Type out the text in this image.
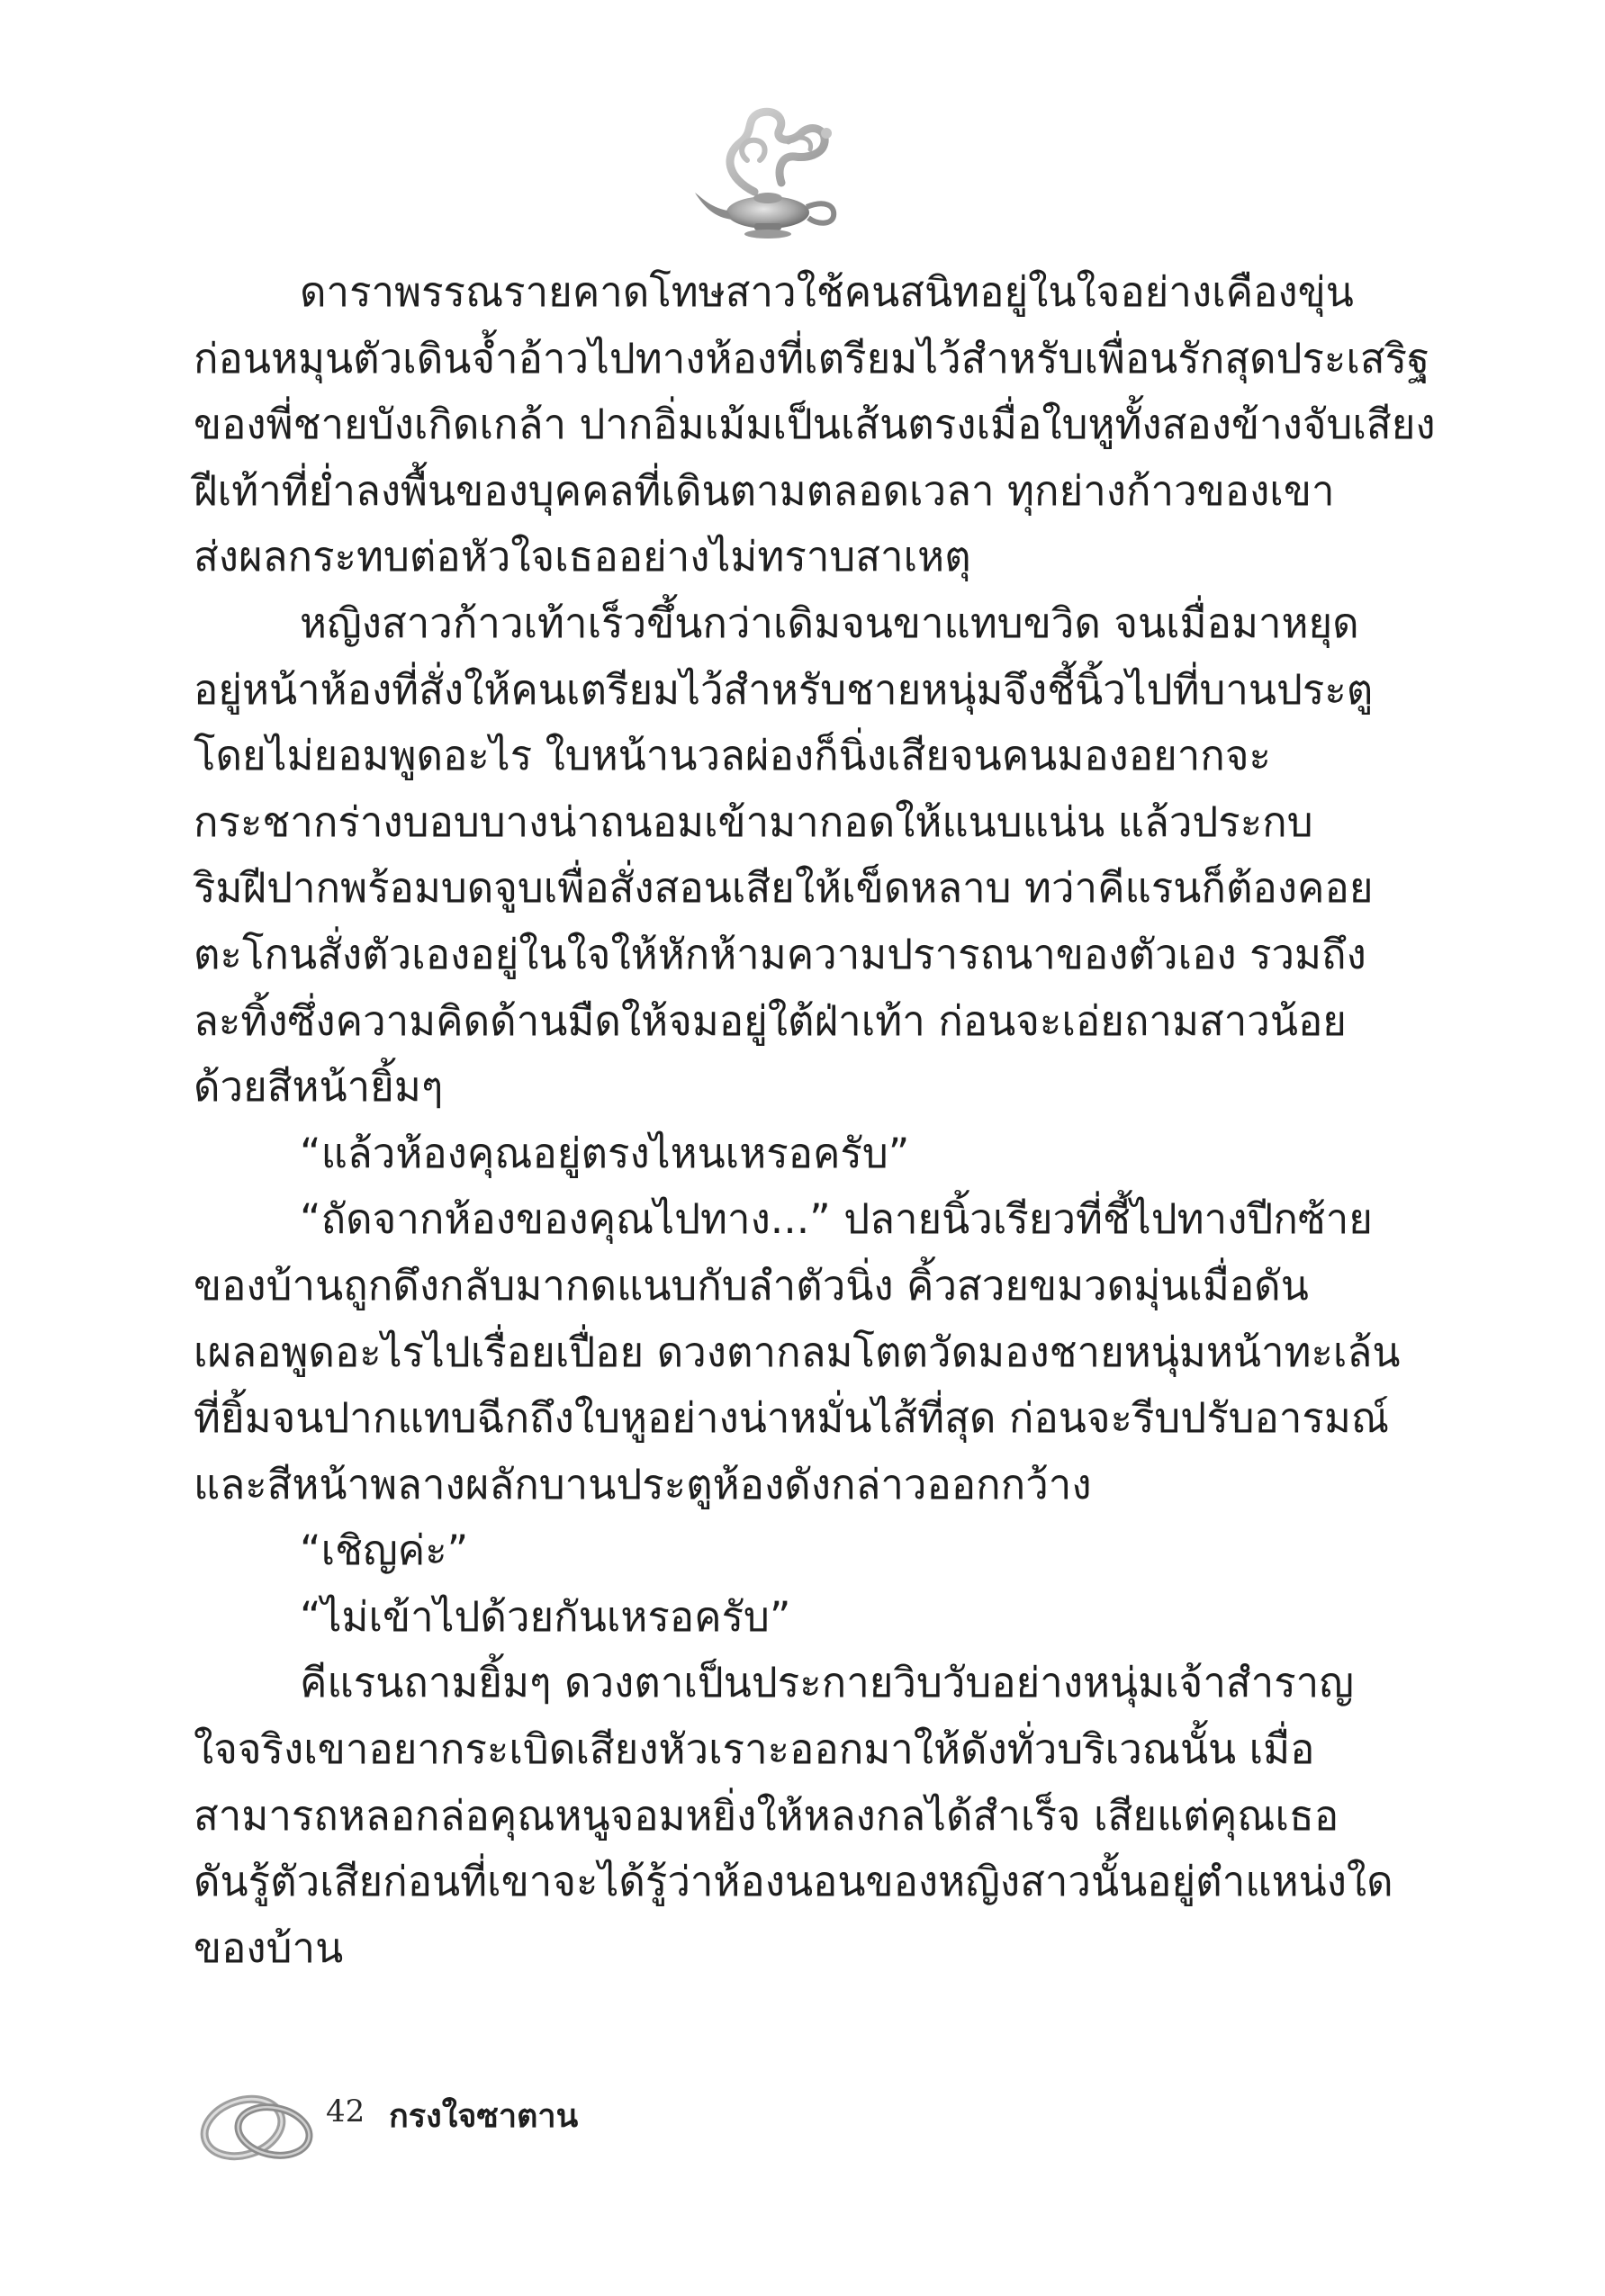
ดาราพรรณรายคาดโทษสาวใช้คนสนิทอยู่ในใจอย่างเคืองขุ่น
ก่อนหมุนตัวเดินจ้ำอ้าวไปทางห้องที่เตรียมไว้สำหรับเพื่อนรักสุดประเสริฐ
ของพี่ชายบังเกิดเกล้า ปากอิ่มเม้มเป็นเส้นตรงเมื่อใบหูทั้งสองข้างจับเสียง
ฝีเท้าที่ย่ำลงพื้นของบุคคลที่เดินตามตลอดเวลา ทุกย่างก้าวของเขา
ส่งผลกระทบต่อหัวใจเธออย่างไม่ทราบสาเหตุ
หญิงสาวก้าวเท้าเร็วขึ้นกว่าเดิมจนขาแทบขวิด จนเมื่อมาหยุด
อยู่หน้าห้องที่สั่งให้คนเตรียมไว้สำหรับชายหนุ่มจึงชี้นิ้วไปที่บานประตู
โดยไม่ยอมพูดอะไร ใบหน้านวลผ่องก็นิ่งเสียจนคนมองอยากจะ
กระชากร่างบอบบางน่าถนอมเข้ามากอดให้แนบแน่น แล้วประกบ
ริมฝีปากพร้อมบดจูบเพื่อสั่งสอนเสียให้เข็ดหลาบ ทว่าคีแรนก็ต้องคอย
ตะโกนสั่งตัวเองอยู่ในใจให้หักห้ามความปรารถนาของตัวเอง รวมถึง
ละทิ้งซึ่งความคิดด้านมืดให้จมอยู่ใต้ฝ่าเท้า ก่อนจะเอ่ยถามสาวน้อย
ด้วยสีหน้ายิ้มๆ
“แล้วห้องคุณอยู่ตรงไหนเหรอครับ”
“ถัดจากห้องของคุณไปทาง...” ปลายนิ้วเรียวที่ชี้ไปทางปีกซ้าย
ของบ้านถูกดึงกลับมากดแนบกับลำตัวนิ่ง คิ้วสวยขมวดมุ่นเมื่อดัน
เผลอพูดอะไรไปเรื่อยเปื่อย ดวงตากลมโตตวัดมองชายหนุ่มหน้าทะเล้น
ที่ยิ้มจนปากแทบฉีกถึงใบหูอย่างน่าหมั่นไส้ที่สุด ก่อนจะรีบปรับอารมณ์
และสีหน้าพลางผลักบานประตูห้องดังกล่าวออกกว้าง
“เชิญค่ะ”
“ไม่เข้าไปด้วยกันเหรอครับ”
คีแรนถามยิ้มๆ ดวงตาเป็นประกายวิบวับอย่างหนุ่มเจ้าสำราญ
ใจจริงเขาอยากระเบิดเสียงหัวเราะออกมาให้ดังทั่วบริเวณนั้น เมื่อ
สามารถหลอกล่อคุณหนูจอมหยิ่งให้หลงกลได้สำเร็จ เสียแต่คุณเธอ
ดันรู้ตัวเสียก่อนที่เขาจะได้รู้ว่าห้องนอนของหญิงสาวนั้นอยู่ตำแหน่งใด
ของบ้าน
42 กรงใจซาตาน
